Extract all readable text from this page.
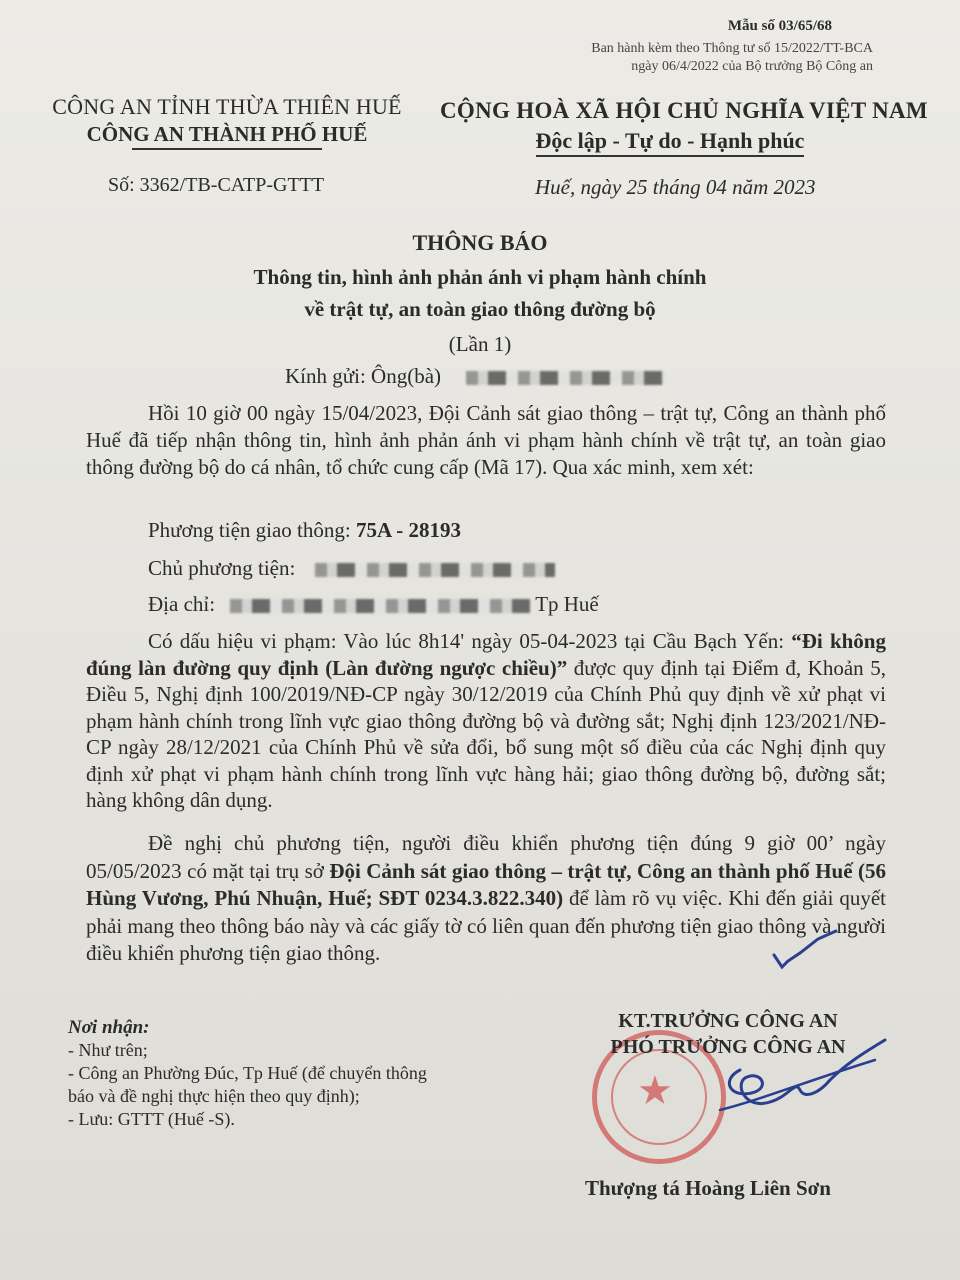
Mẫu số 03/65/68
Ban hành kèm theo Thông tư số 15/2022/TT-BCA
ngày 06/4/2022 của Bộ trưởng Bộ Công an
CÔNG AN TỈNH THỪA THIÊN HUẾ
CÔNG AN THÀNH PHỐ HUẾ
CỘNG HOÀ XÃ HỘI CHỦ NGHĨA VIỆT NAM
Độc lập - Tự do - Hạnh phúc
Số: 3362/TB-CATP-GTTT	Huế, ngày 25 tháng 04 năm 2023
THÔNG BÁO
Thông tin, hình ảnh phản ánh vi phạm hành chính
về trật tự, an toàn giao thông đường bộ
(Lần 1)
Kính gửi: Ông(bà)
Hồi 10 giờ 00 ngày 15/04/2023, Đội Cảnh sát giao thông – trật tự, Công an thành phố Huế đã tiếp nhận thông tin, hình ảnh phản ánh vi phạm hành chính về trật tự, an toàn giao thông đường bộ do cá nhân, tổ chức cung cấp (Mã 17). Qua xác minh, xem xét:
Phương tiện giao thông: 75A - 28193
Chủ phương tiện:
Địa chỉ:	Tp Huế
Có dấu hiệu vi phạm: Vào lúc 8h14' ngày 05-04-2023 tại Cầu Bạch Yến: “Đi không đúng làn đường quy định (Làn đường ngược chiều)” được quy định tại Điểm đ, Khoản 5, Điều 5, Nghị định 100/2019/NĐ-CP ngày 30/12/2019 của Chính Phủ quy định về xử phạt vi phạm hành chính trong lĩnh vực giao thông đường bộ và đường sắt; Nghị định 123/2021/NĐ-CP ngày 28/12/2021 của Chính Phủ về sửa đổi, bổ sung một số điều của các Nghị định quy định xử phạt vi phạm hành chính trong lĩnh vực hàng hải; giao thông đường bộ, đường sắt; hàng không dân dụng.
Đề nghị chủ phương tiện, người điều khiển phương tiện đúng 9 giờ 00’ ngày 05/05/2023 có mặt tại trụ sở Đội Cảnh sát giao thông – trật tự, Công an thành phố Huế (56 Hùng Vương, Phú Nhuận, Huế; SĐT 0234.3.822.340) để làm rõ vụ việc. Khi đến giải quyết phải mang theo thông báo này và các giấy tờ có liên quan đến phương tiện giao thông và người điều khiển phương tiện giao thông.
Nơi nhận:
- Như trên;
- Công an Phường Đúc, Tp Huế (để chuyển thông
báo và đề nghị thực hiện theo quy định);
- Lưu: GTTT (Huế -S).
★
KT.TRƯỞNG CÔNG AN
PHÓ TRƯỞNG CÔNG AN
Thượng tá Hoàng Liên Sơn
